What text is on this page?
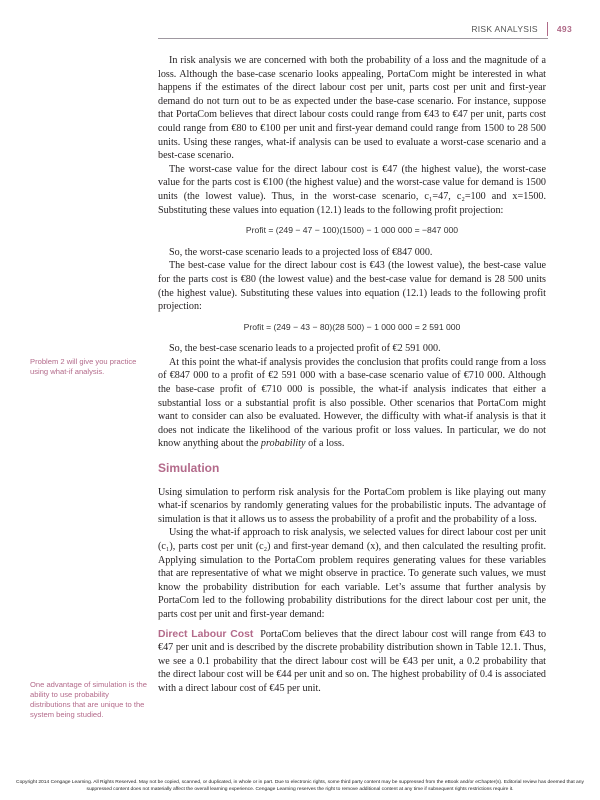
RISK ANALYSIS 493
Problem 2 will give you practice using what-if analysis.
One advantage of simulation is the ability to use probability distributions that are unique to the system being studied.

In risk analysis we are concerned with both the probability of a loss and the magnitude of a loss. Although the base-case scenario looks appealing, PortaCom might be interested in what happens if the estimates of the direct labour cost per unit, parts cost per unit and first-year demand do not turn out to be as expected under the base-case scenario. For instance, suppose that PortaCom believes that direct labour costs could range from €43 to €47 per unit, parts cost could range from €80 to €100 per unit and first-year demand could range from 1500 to 28 500 units. Using these ranges, what-if analysis can be used to evaluate a worst-case scenario and a best-case scenario.

The worst-case value for the direct labour cost is €47 (the highest value), the worst-case value for the parts cost is €100 (the highest value) and the worst-case value for demand is 1500 units (the lowest value). Thus, in the worst-case scenario, c₁=47, c₂=100 and x=1500. Substituting these values into equation (12.1) leads to the following profit projection:

Profit = (249 − 47 − 100)(1500) − 1 000 000 = −847 000

So, the worst-case scenario leads to a projected loss of €847 000.

The best-case value for the direct labour cost is €43 (the lowest value), the best-case value for the parts cost is €80 (the lowest value) and the best-case value for demand is 28 500 units (the highest value). Substituting these values into equation (12.1) leads to the following profit projection:

Profit = (249 − 43 − 80)(28 500) − 1 000 000 = 2 591 000

So, the best-case scenario leads to a projected profit of €2 591 000.

At this point the what-if analysis provides the conclusion that profits could range from a loss of €847 000 to a profit of €2 591 000 with a base-case scenario value of €710 000. Although the base-case profit of €710 000 is possible, the what-if analysis indicates that either a substantial loss or a substantial profit is also possible. Other scenarios that PortaCom might want to consider can also be evaluated. However, the difficulty with what-if analysis is that it does not indicate the likelihood of the various profit or loss values. In particular, we do not know anything about the probability of a loss.

Simulation

Using simulation to perform risk analysis for the PortaCom problem is like playing out many what-if scenarios by randomly generating values for the probabilistic inputs. The advantage of simulation is that it allows us to assess the probability of a profit and the probability of a loss.

Using the what-if approach to risk analysis, we selected values for direct labour cost per unit (c₁), parts cost per unit (c₂) and first-year demand (x), and then calculated the resulting profit. Applying simulation to the PortaCom problem requires generating values for these variables that are representative of what we might observe in practice. To generate such values, we must know the probability distribution for each variable. Let’s assume that further analysis by PortaCom led to the following probability distributions for the direct labour cost per unit, the parts cost per unit and first-year demand:

Direct Labour Cost PortaCom believes that the direct labour cost will range from €43 to €47 per unit and is described by the discrete probability distribution shown in Table 12.1. Thus, we see a 0.1 probability that the direct labour cost will be €43 per unit, a 0.2 probability that the direct labour cost will be €44 per unit and so on. The highest probability of 0.4 is associated with a direct labour cost of €45 per unit.

Copyright 2014 Cengage Learning. All Rights Reserved. May not be copied, scanned, or duplicated, in whole or in part. Due to electronic rights, some third party content may be suppressed from the eBook and/or eChapter(s). Editorial review has deemed that any suppressed content does not materially affect the overall learning experience. Cengage Learning reserves the right to remove additional content at any time if subsequent rights restrictions require it.
